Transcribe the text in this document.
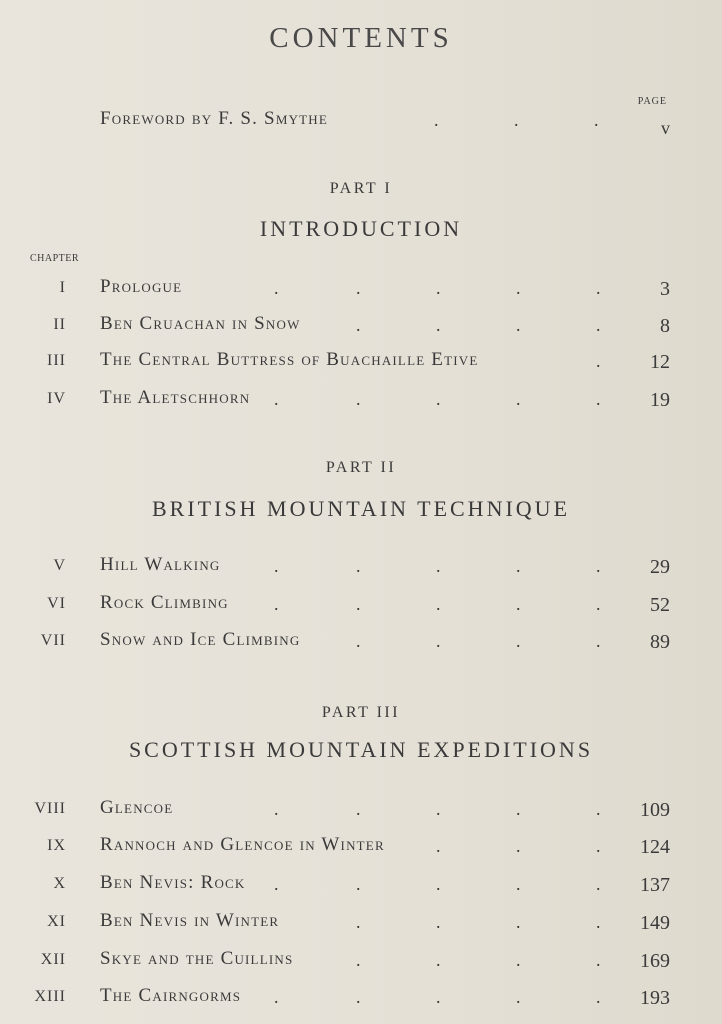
CONTENTS
PAGE
Foreword by F. S. Smythe	v
PART I
INTRODUCTION
CHAPTER
PART II
BRITISH MOUNTAIN TECHNIQUE
PART III
SCOTTISH MOUNTAIN EXPEDITIONS
I Prologue	3
.	.	.	.	.
II Ben Cruachan in Snow	8
.	.	.	.
III The Central Buttress of Buachaille Etive	12
.
IV The Aletschhorn	19
.	.	.	.	.
V Hill Walking	29
.	.	.	.	.
VI Rock Climbing	52
.	.	.	.	.
VII Snow and Ice Climbing	89
.	.	.	.
VIII Glencoe	109
.	.	.	.	.
IX Rannoch and Glencoe in Winter	124
.	.	.
X Ben Nevis: Rock	137
.	.	.	.	.
XI Ben Nevis in Winter	149
.	.	.	.
XII Skye and the Cuillins	169
.	.	.	.
XIII The Cairngorms	193
.	.	.	.	.
.	.	.
